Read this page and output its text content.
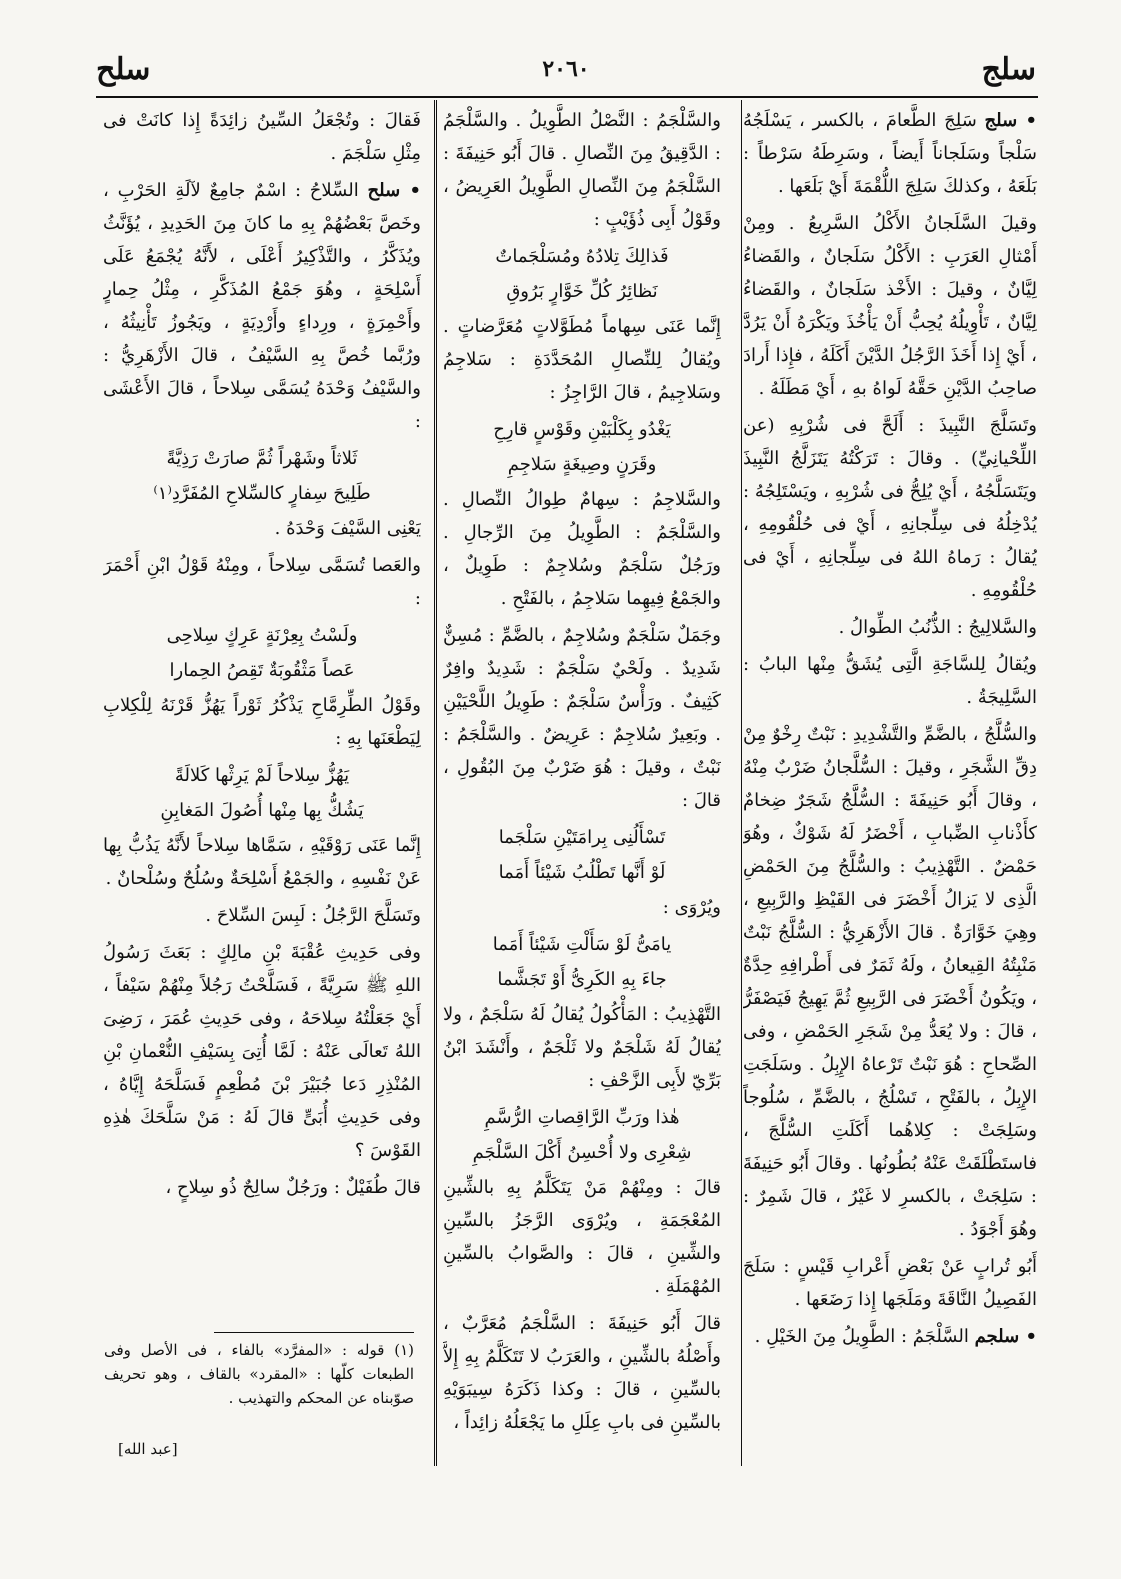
سلج
٢٠٦٠
سلح

• سلج سَلِجَ الطَّعامَ ، بالكسر ، يَسْلَجُهُ سَلْجاً وسَلَجاناً أَيضاً ، وسَرِطَهُ سَرْطاً : بَلَعَهُ ، وكذلكَ سَلِجَ اللُّقْمَةَ أَيْ بَلَعَها .

وقيلَ السَّلَجانُ الأَكْلُ السَّرِيعُ . ومِنْ أَمْثالِ العَرَبِ : الأَكْلُ سَلَجانٌ ، والقَضاءُ لِيَّانٌ ، وقيلَ : الأَخْذ سَلَجانٌ ، والقَضاءُ لِيَّانٌ ، تَأْوِيلُهُ يُحِبُّ أَنْ يَأْخُذَ ويَكْرَهُ أَنْ يَرُدَّ ، أَيْ إِذا أَخَذَ الرَّجُلُ الدَّيْنَ أَكَلَهُ ، فإِذا أَرادَ صاحِبُ الدَّيْنِ حَقَّهُ لَواهُ بهِ ، أَيْ مَطَلَهُ .

وتَسَلَّجَ النَّبِيذَ : أَلَحَّ فى شُرْبِهِ (عن اللِّحْيانِيِّ) . وقالَ : تَرَكْتُهُ يَتَزَلَّجُ النَّبِيذَ ويَتَسَلَّجُهُ ، أَيْ يُلِحُّ فى شُرْبِهِ ، ويَسْتَلِجُهُ : يُدْخِلُهُ فى سِلِّجانِهِ ، أَيْ فى حُلْقُومِهِ ، يُقالُ : رَماهُ اللهُ فى سِلِّجانِهِ ، أَيْ فى حُلْقُومِهِ .

والسَّلالِيجُ : الذُّنُبُ الطِّوالُ .

ويُقالُ لِلسَّاجَةِ الَّتِى يُشَقُّ مِنْها البابُ : السَّلِيجَةُ .

والسُّلَّجُ ، بالضَّمِّ والتَّشْدِيدِ : نَبْتٌ رِخْوٌ مِنْ دِقِّ الشَّجَرِ ، وقيلَ : السُّلَّجانُ ضَرْبٌ مِنْهُ ، وقالَ أَبُو حَنِيفَةَ : السُّلَّجُ شَجَرٌ ضِخامٌ كأَذْنابِ الضِّبابِ ، أَخْضَرُ لَهُ شَوْكٌ ، وهُوَ حَمْضٌ . التَّهْذِيبُ : والسُّلَّجُ مِنَ الحَمْضِ الَّذِى لا يَزالُ أَخْضَرَ فى القَيْظِ والرَّبِيعِ ، وهِيَ خَوَّارَةٌ . قالَ الأَزْهَرِيُّ : السُّلَّجُ نَبْتٌ مَنْبِتُهُ القِيعانُ ، ولَهُ ثَمَرٌ فى أَطْرافِهِ حِدَّةٌ ، ويَكُونُ أَخْضَرَ فى الرَّبِيعِ ثُمَّ يَهِيجُ فَيَصْفَرُّ ، قالَ : ولا يُعَدُّ مِنْ شَجَرِ الحَمْضِ ، وفى الصِّحاحِ : هُوَ نَبْتٌ تَرْعاهُ الإِبِلُ . وسَلَجَتِ الإِبِلُ ، بالفَتْحِ ، تَسْلُجُ ، بالضَّمِّ ، سُلُوجاً وسَلِجَتْ : كِلاهُما أَكَلَتِ السُّلَّجَ ، فاستَطْلَقَتْ عَنْهُ بُطُونُها . وقالَ أَبُو حَنِيفَةَ : سَلِجَتْ ، بالكسرِ لا غَيْرُ ، قالَ شَمِرٌ : وهُوَ أَجْوَدُ .

أَبُو تُرابٍ عَنْ بَعْضِ أَعْرابِ قَيْسٍ : سَلَجَ الفَصِيلُ النَّاقَةَ ومَلَجَها إِذا رَضَعَها .

• سلجم السَّلْجَمُ : الطَّوِيلُ مِنَ الخَيْلِ .

والسَّلْجَمُ : النَّصْلُ الطَّوِيلُ . والسَّلْجَمُ : الدَّقِيقُ مِنَ النِّصالِ . قالَ أَبُو حَنِيفَةَ : السَّلْجَمُ مِنَ النِّصالِ الطَّوِيلُ العَرِيضُ ، وقَوْلُ أَبِى ذُؤَيْبٍ :

فَذالِكَ تِلادُهُ ومُسَلْجَماتٌ

نَظائِرُ كُلِّ خَوَّارٍ بَرُوقِ

إِنَّما عَنَى سِهاماً مُطَوَّلاتٍ مُعَرَّضاتٍ . ويُقالُ لِلنِّصالِ المُحَدَّدَةِ : سَلاجِمُ وسَلاجِيمُ ، قالَ الرَّاجِزُ :

يَغْدُو بِكَلْبَيْنِ وقَوْسٍ قارِحِ

وقَرَنٍ وصِيغَةٍ سَلاجِمِ

والسَّلاجِمُ : سِهامٌ طِوالُ النِّصالِ . والسَّلْجَمُ : الطَّوِيلُ مِنَ الرِّجالِ . ورَجُلٌ سَلْجَمٌ وسُلاجِمٌ : طَوِيلٌ ، والجَمْعُ فِيهِما سَلاجِمُ ، بالفَتْحِ .

وجَمَلٌ سَلْجَمٌ وسُلاجِمٌ ، بالضَّمِّ : مُسِنٌّ شَدِيدٌ . ولَحْيٌ سَلْجَمٌ : شَدِيدٌ وافِرٌ كَثِيفٌ . ورَأْسٌ سَلْجَمٌ : طَوِيلُ اللَّحْيَيْنِ . وبَعِيرٌ سُلاجِمٌ : عَرِيضٌ . والسَّلْجَمُ : نَبْتٌ ، وقيلَ : هُوَ ضَرْبٌ مِنَ البُقُولِ ، قالَ :

تَسْأَلُنِى بِرامَتَيْنِ سَلْجَما

لَوْ أَنَّها تَطْلُبُ شَيْئاً أَمَما

ويُرْوَى :

يامَىُّ لَوْ سَأَلْتِ شَيْئاً أَمَما

جاءَ بِهِ الكَرِىُّ أَوْ تَجَشَّما

التَّهْذِيبُ : المَأْكُولُ يُقالُ لَهُ سَلْجَمٌ ، ولا يُقالُ لَهُ شَلْجَمٌ ولا ثَلْجَمٌ ، وأَنْشَدَ ابْنُ بَرِّيّ لأَبِى الزَّحْفِ :

هٰذا ورَبِّ الرَّاقِصاتِ الرُّسَّمِ

شِعْرِى ولا أُحْسِنُ أَكْلَ السَّلْجَمِ

قالَ : ومِنْهُمْ مَنْ يَتَكَلَّمُ بِهِ بالشِّينِ المُعْجَمَةِ ، ويُرْوَى الرَّجَزُ بالسِّينِ والشِّينِ ، قالَ : والصَّوابُ بالسِّينِ المُهْمَلَةِ .

قالَ أَبُو حَنِيفَةَ : السَّلْجَمُ مُعَرَّبٌ ، وأَصْلُهُ بالشِّينِ ، والعَرَبُ لا تَتَكَلَّمُ بِهِ إِلاَّ بالسِّينِ ، قالَ : وكذا ذَكَرَهُ سِيبَوَيْهِ بالسِّينِ فى بابِ عِلَلِ ما يَجْعَلُهُ زائِداً ،

فَقالَ : وتُجْعَلُ السِّينُ زائِدَةً إِذا كانَتْ فى مِثْلِ سَلْجَمَ .

• سلح السِّلاحُ : اسْمٌ جامِعٌ لآلَةِ الحَرْبِ ، وخَصَّ بَعْضُهُمْ بِهِ ما كانَ مِنَ الحَدِيدِ ، يُؤَنَّثُ ويُذَكَّرُ ، والتَّذْكِيرُ أَعْلَى ، لأَنَّهُ يُجْمَعُ عَلَى أَسْلِحَةٍ ، وهُوَ جَمْعُ المُذَكَّرِ ، مِثْلُ حِمارٍ وأَحْمِرَةٍ ، ورِداءٍ وأَرْدِيَةٍ ، ويَجُوزُ تَأْنِيثُهُ ، ورُبَّما خُصَّ بِهِ السَّيْفُ ، قالَ الأَزْهَرِيُّ : والسَّيْفُ وَحْدَهُ يُسَمَّى سِلاحاً ، قالَ الأَعْشَى :

ثَلاثاً وشَهْراً ثُمَّ صارَتْ رَذِيَّةً

طَلِيحَ سِفارٍ كالسِّلاحِ المُفَرَّدِ⁽١⁾

يَعْنِى السَّيْفَ وَحْدَهُ .

والعَصا تُسَمَّى سِلاحاً ، ومِنْهُ قَوْلُ ابْنِ أَحْمَرَ :

ولَسْتُ بِعِرْنَةٍ عَرِكٍ سِلاحِى

عَصاً مَثْقُوبَةٌ تَقِصُ الحِمارا

وقَوْلُ الطِّرِمَّاحِ يَذْكُرُ ثَوْراً يَهُزُّ قَرْنَهُ لِلْكِلابِ لِيَطْعَنَها بِهِ :

يَهُزُّ سِلاحاً لَمْ يَرِثْها كَلالَةً

يَشُكُّ بِها مِنْها أُصُولَ المَغابِنِ

إِنَّما عَنَى رَوْقَيْهِ ، سَمَّاها سِلاحاً لأَنَّهُ يَذُبُّ بِها عَنْ نَفْسِهِ ، والجَمْعُ أَسْلِحَةٌ وسُلُحٌ وسُلْحانٌ .

وتَسَلَّحَ الرَّجُلُ : لَبِسَ السِّلاحَ .

وفى حَدِيثِ عُقْبَةَ بْنِ مالِكٍ : بَعَثَ رَسُولُ اللهِ ﷺ سَرِيَّةً ، فَسَلَّحْتُ رَجُلاً مِنْهُمْ سَيْفاً ، أَيْ جَعَلْتُهُ سِلاحَهُ ، وفى حَدِيثِ عُمَرَ ، رَضِىَ اللهُ تَعالَى عَنْهُ : لَمَّا أُتِىَ بِسَيْفِ النُّعْمانِ بْنِ المُنْذِرِ دَعا جُبَيْرَ بْنَ مُطْعِمٍ فَسَلَّحَهُ إِيَّاهُ ، وفى حَدِيثِ أُبَىٍّ قالَ لَهُ : مَنْ سَلَّحَكَ هٰذِهِ القَوْسَ ؟

قالَ طُفَيْلٌ : ورَجُلٌ سالِحٌ ذُو سِلاحٍ ،

(١) قوله : «المفرَّد» بالفاء ، فى الأصل وفى الطبعات كلّها : «المقرد» بالقاف ، وهو تحريف صوّبناه عن المحكم والتهذيب .
[عبد الله]
